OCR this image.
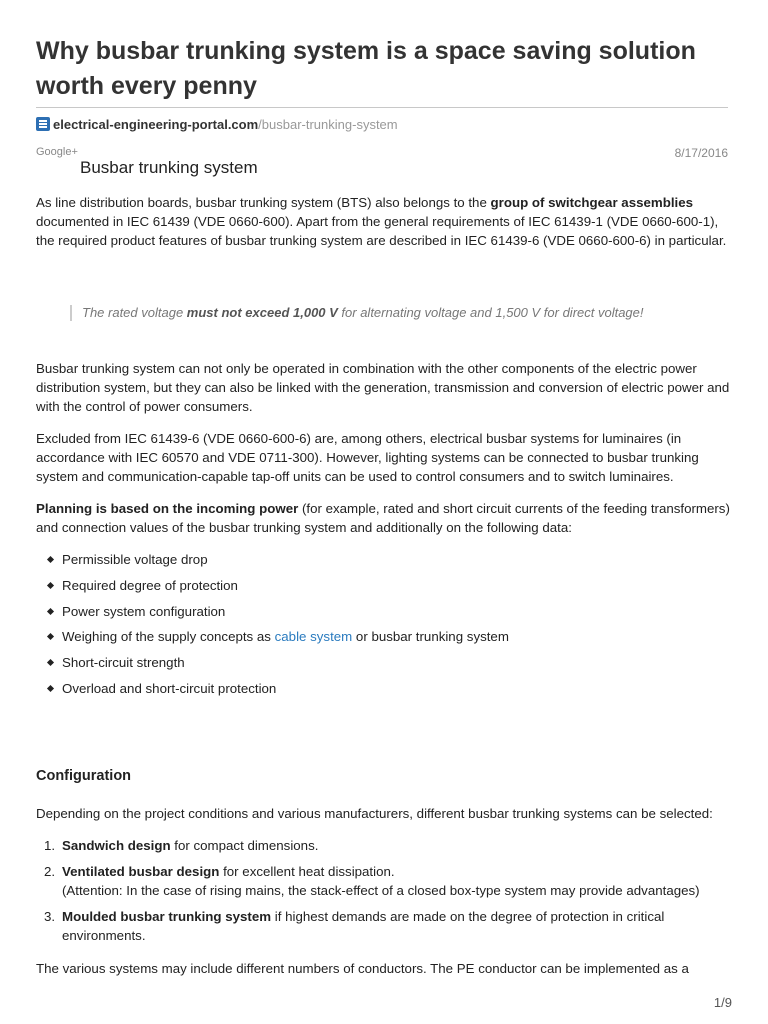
Why busbar trunking system is a space saving solution worth every penny
electrical-engineering-portal.com/busbar-trunking-system
Google+	8/17/2016
Busbar trunking system

As line distribution boards, busbar trunking system (BTS) also belongs to the group of switchgear assemblies documented in IEC 61439 (VDE 0660-600). Apart from the general requirements of IEC 61439-1 (VDE 0660-600-1), the required product features of busbar trunking system are described in IEC 61439-6 (VDE 0660-600-6) in particular.

The rated voltage must not exceed 1,000 V for alternating voltage and 1,500 V for direct voltage!

Busbar trunking system can not only be operated in combination with the other components of the electric power distribution system, but they can also be linked with the generation, transmission and conversion of electric power and with the control of power consumers.

Excluded from IEC 61439-6 (VDE 0660-600-6) are, among others, electrical busbar systems for luminaires (in accordance with IEC 60570 and VDE 0711-300). However, lighting systems can be connected to busbar trunking system and communication-capable tap-off units can be used to control consumers and to switch luminaires.

Planning is based on the incoming power (for example, rated and short circuit currents of the feeding transformers) and connection values of the busbar trunking system and additionally on the following data:

Permissible voltage drop
Required degree of protection
Power system configuration
Weighing of the supply concepts as cable system or busbar trunking system
Short-circuit strength
Overload and short-circuit protection
Configuration

Depending on the project conditions and various manufacturers, different busbar trunking systems can be selected:

1. Sandwich design for compact dimensions.
2. Ventilated busbar design for excellent heat dissipation.
(Attention: In the case of rising mains, the stack-effect of a closed box-type system may provide advantages)
3. Moulded busbar trunking system if highest demands are made on the degree of protection in critical environments.

The various systems may include different numbers of conductors. The PE conductor can be implemented as a

1/9
